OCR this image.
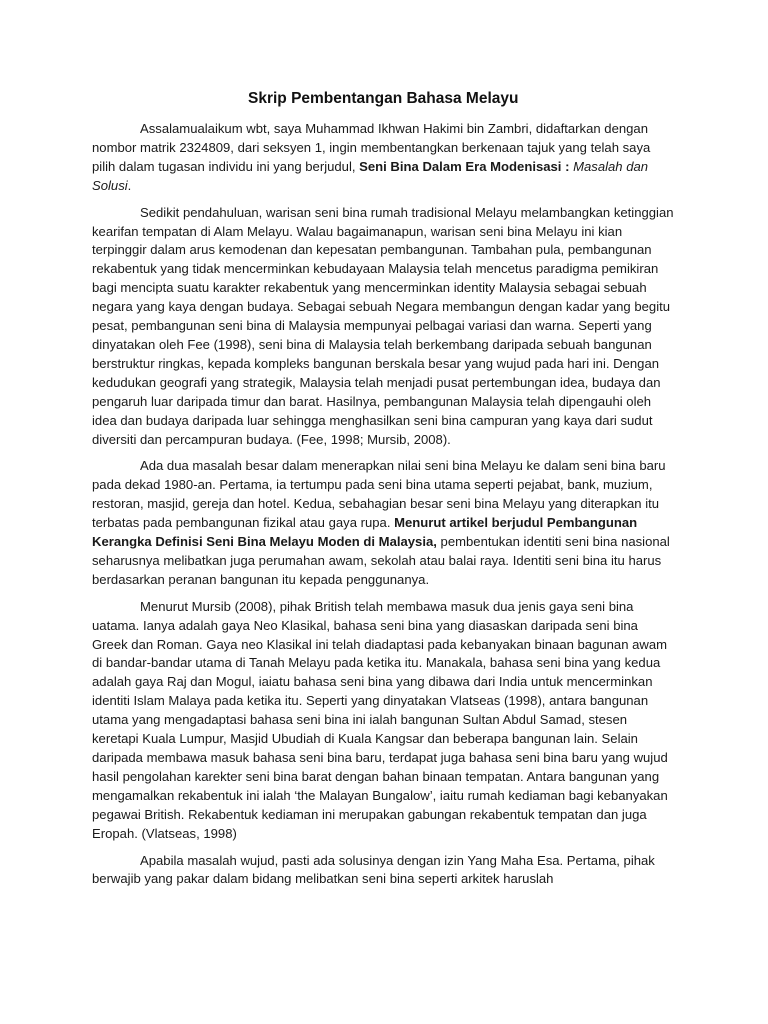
Skrip Pembentangan Bahasa Melayu

Assalamualaikum wbt, saya Muhammad Ikhwan Hakimi bin Zambri, didaftarkan dengan nombor matrik 2324809, dari seksyen 1, ingin membentangkan berkenaan tajuk yang telah saya pilih dalam tugasan individu ini yang berjudul, Seni Bina Dalam Era Modenisasi : Masalah dan Solusi.

Sedikit pendahuluan, warisan seni bina rumah tradisional Melayu melambangkan ketinggian kearifan tempatan di Alam Melayu. Walau bagaimanapun, warisan seni bina Melayu ini kian terpinggir dalam arus kemodenan dan kepesatan pembangunan. Tambahan pula, pembangunan rekabentuk yang tidak mencerminkan kebudayaan Malaysia telah mencetus paradigma pemikiran bagi mencipta suatu karakter rekabentuk yang mencerminkan identity Malaysia sebagai sebuah negara yang kaya dengan budaya. Sebagai sebuah Negara membangun dengan kadar yang begitu pesat, pembangunan seni bina di Malaysia mempunyai pelbagai variasi dan warna. Seperti yang dinyatakan oleh Fee (1998), seni bina di Malaysia telah berkembang daripada sebuah bangunan berstruktur ringkas, kepada kompleks bangunan berskala besar yang wujud pada hari ini. Dengan kedudukan geografi yang strategik, Malaysia telah menjadi pusat pertembungan idea, budaya dan pengaruh luar daripada timur dan barat. Hasilnya, pembangunan Malaysia telah dipengauhi oleh idea dan budaya daripada luar sehingga menghasilkan seni bina campuran yang kaya dari sudut diversiti dan percampuran budaya. (Fee, 1998; Mursib, 2008).

Ada dua masalah besar dalam menerapkan nilai seni bina Melayu ke dalam seni bina baru pada dekad 1980-an. Pertama, ia tertumpu pada seni bina utama seperti pejabat, bank, muzium, restoran, masjid, gereja dan hotel. Kedua, sebahagian besar seni bina Melayu yang diterapkan itu terbatas pada pembangunan fizikal atau gaya rupa. Menurut artikel berjudul Pembangunan Kerangka Definisi Seni Bina Melayu Moden di Malaysia, pembentukan identiti seni bina nasional seharusnya melibatkan juga perumahan awam, sekolah atau balai raya. Identiti seni bina itu harus berdasarkan peranan bangunan itu kepada penggunanya.

Menurut Mursib (2008), pihak British telah membawa masuk dua jenis gaya seni bina uatama. Ianya adalah gaya Neo Klasikal, bahasa seni bina yang diasaskan daripada seni bina Greek dan Roman. Gaya neo Klasikal ini telah diadaptasi pada kebanyakan binaan bagunan awam di bandar-bandar utama di Tanah Melayu pada ketika itu. Manakala, bahasa seni bina yang kedua adalah gaya Raj dan Mogul, iaiatu bahasa seni bina yang dibawa dari India untuk mencerminkan identiti Islam Malaya pada ketika itu. Seperti yang dinyatakan Vlatseas (1998), antara bangunan utama yang mengadaptasi bahasa seni bina ini ialah bangunan Sultan Abdul Samad, stesen keretapi Kuala Lumpur, Masjid Ubudiah di Kuala Kangsar dan beberapa bangunan lain. Selain daripada membawa masuk bahasa seni bina baru, terdapat juga bahasa seni bina baru yang wujud hasil pengolahan karekter seni bina barat dengan bahan binaan tempatan. Antara bangunan yang mengamalkan rekabentuk ini ialah ‘the Malayan Bungalow’, iaitu rumah kediaman bagi kebanyakan pegawai British. Rekabentuk kediaman ini merupakan gabungan rekabentuk tempatan dan juga Eropah. (Vlatseas, 1998)

Apabila masalah wujud, pasti ada solusinya dengan izin Yang Maha Esa. Pertama, pihak berwajib yang pakar dalam bidang melibatkan seni bina seperti arkitek haruslah
